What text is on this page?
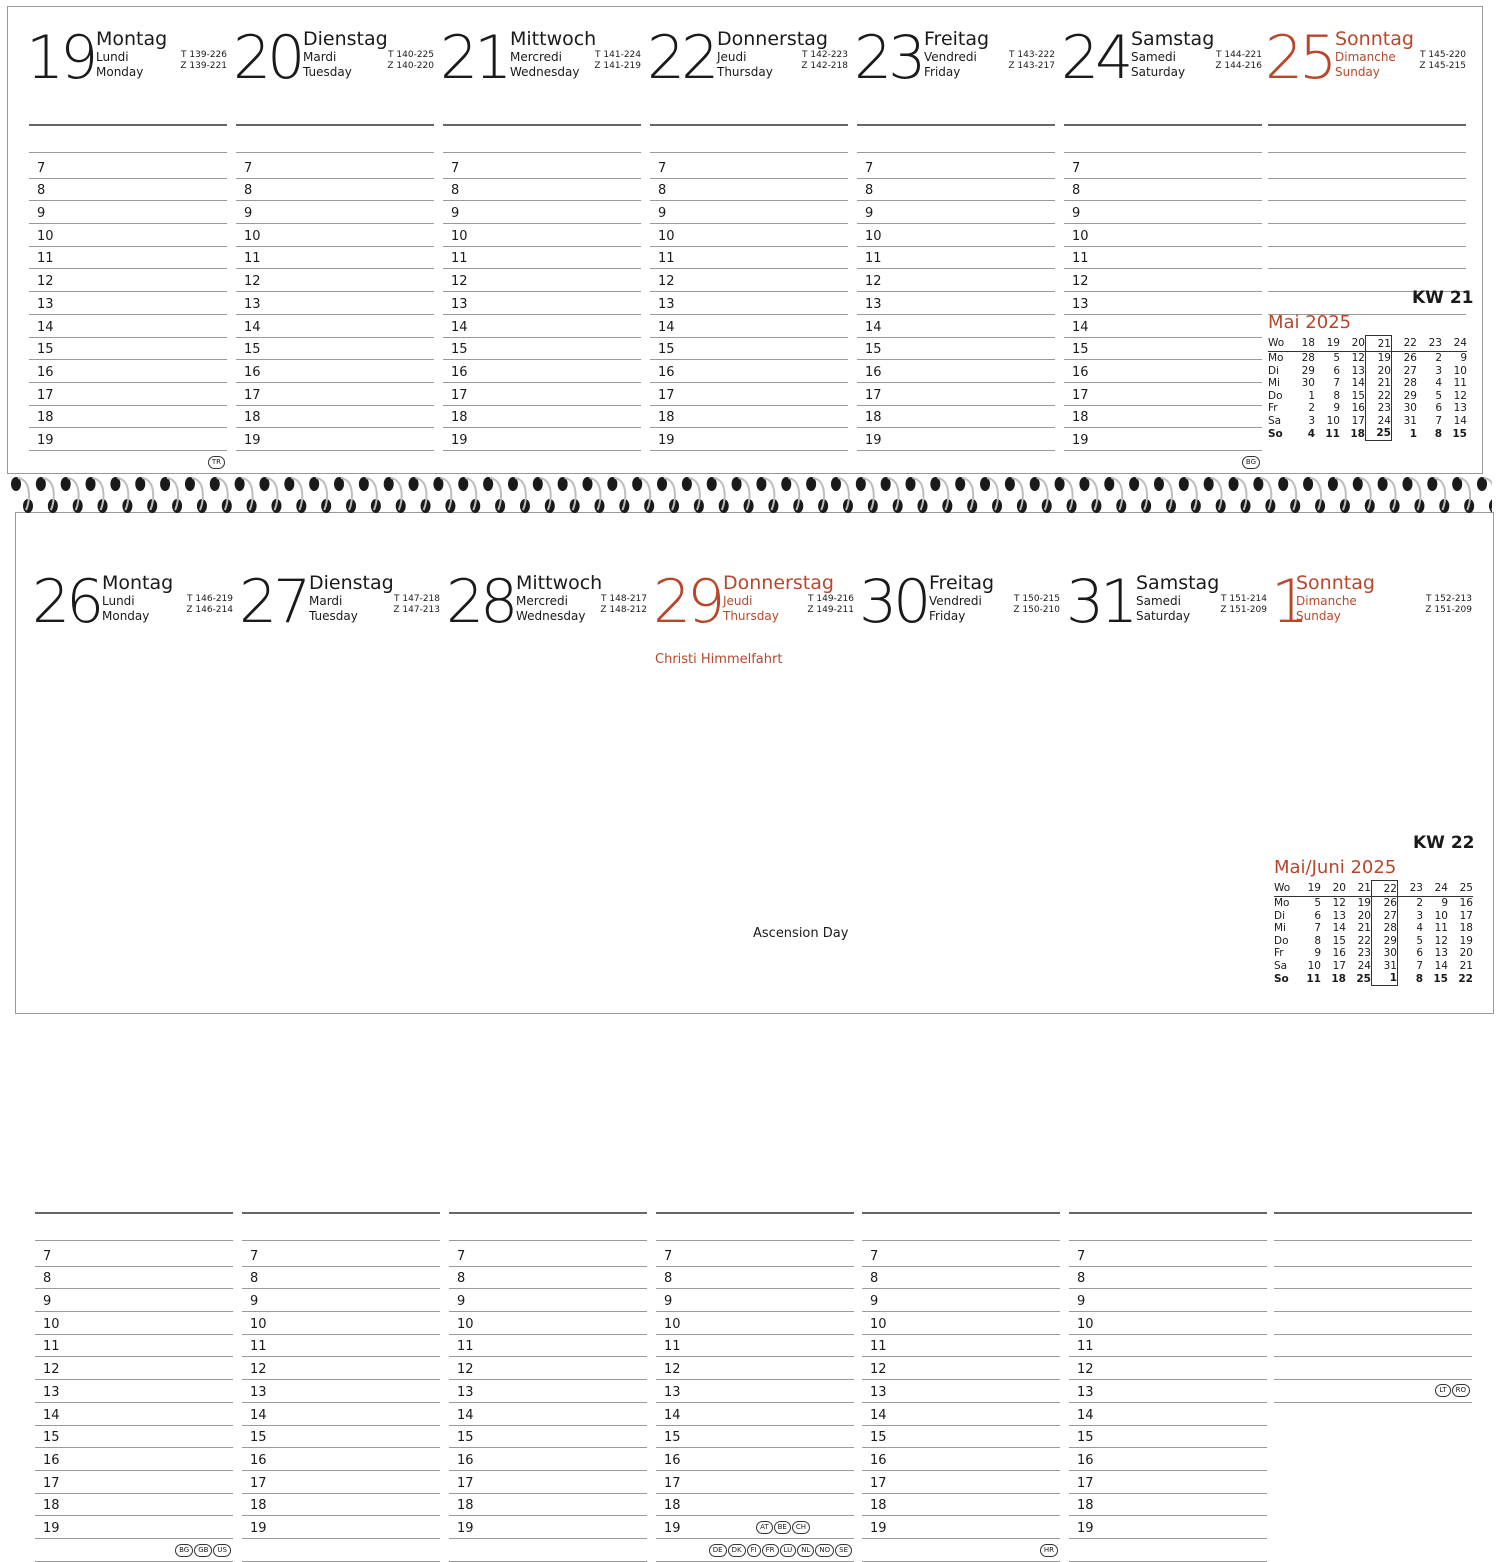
19 Montag
Lundi
Monday
T 139-226
Z 139-221
7
8
9
10
11
12
13
14
15
16
17
18
19
TR
20 Dienstag
Mardi
Tuesday
T 140-225
Z 140-220
7
8
9
10
11
12
13
14
15
16
17
18
19
21 Mittwoch
Mercredi
Wednesday
T 141-224
Z 141-219
7
8
9
10
11
12
13
14
15
16
17
18
19
22 Donnerstag
Jeudi
Thursday
T 142-223
Z 142-218
7
8
9
10
11
12
13
14
15
16
17
18
19
23 Freitag
Vendredi
Friday
T 143-222
Z 143-217
7
8
9
10
11
12
13
14
15
16
17
18
19
24 Samstag
Samedi
Saturday
T 144-221
Z 144-216
7
8
9
10
11
12
13
14
15
16
17
18
19
BG
25 Sonntag
Dimanche
Sunday
T 145-220
Z 145-215
26 Montag
Lundi
Monday
T 146-219
Z 146-214
7
8
9
10
11
12
13
14
15
16
17
18
19
BG GB US
27 Dienstag
Mardi
Tuesday
T 147-218
Z 147-213
7
8
9
10
11
12
13
14
15
16
17
18
19
28 Mittwoch
Mercredi
Wednesday
T 148-217
Z 148-212
7
8
9
10
11
12
13
14
15
16
17
18
19
29 Donnerstag
Jeudi
Thursday
T 149-216
Z 149-211
7
8
9
10
11
12
13
14
15
16
17
18
19
DE DK FI FR LU NL NO SE
AT BE CH
30 Freitag
Vendredi
Friday
T 150-215
Z 150-210
7
8
9
10
11
12
13
14
15
16
17
18
19
HR
31 Samstag
Samedi
Saturday
T 151-214
Z 151-209
7
8
9
10
11
12
13
14
15
16
17
18
19
1
Sonntag
Dimanche
Sunday
T 152-213
Z 151-209
LT RO
KW 21
Mai 2025
Wo	18	19	20	21	22	23	24
Mo	28	5	12	19	26	2	9
Di	29	6	13	20	27	3	10
Mi	30	7	14	21	28	4	11
Do	1	8	15	22	29	5	12
Fr	2	9	16	23	30	6	13
Sa	3	10	17	24	31	7	14
So	4	11	18	25	1	8	15
KW 22
Mai/Juni 2025
Wo	19	20	21	22	23	24	25
Mo	5	12	19	26	2	9	16
Di	6	13	20	27	3	10	17
Mi	7	14	21	28	4	11	18
Do	8	15	22	29	5	12	19
Fr	9	16	23	30	6	13	20
Sa	10	17	24	31	7	14	21
So	11	18	25	1	8	15	22
Christi Himmelfahrt
Ascension Day
